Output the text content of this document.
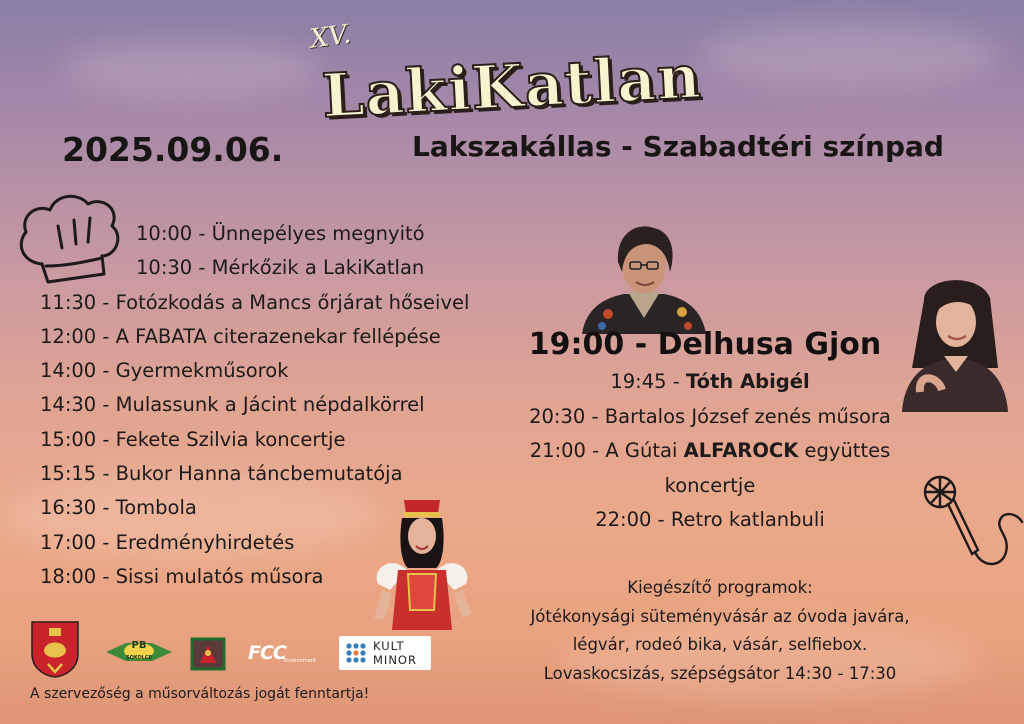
XV.
LakiKatlan
2025.09.06.	Lakszakállas - Szabadtéri színpad
10:00 - Ünnepélyes megnyitó
10:30 - Mérkőzik a LakiKatlan
11:30 - Fotózkodás a Mancs őrjárat hőseivel
12:00 - A FABATA citerazenekar fellépése
14:00 - Gyermekműsorok
14:30 - Mulassunk a Jácint népdalkörrel
15:00 - Fekete Szilvia koncertje
15:15 - Bukor Hanna táncbemutatója
16:30 - Tombola
17:00 - Eredményhirdetés
18:00 - Sissi mulatós műsora
19:00 - Delhusa Gjon
19:45 - Tóth Abigél
20:30 - Bartalos József zenés műsora
21:00 - A Gútai ALFAROCK együttes
koncertje
22:00 - Retro katlanbuli
PB
SOKOLCE	FCC
Environment
KULT
MINOR
Kiegészítő programok:
Jótékonysági süteményvásár az óvoda javára,
légvár, rodeó bika, vásár, selfiebox.
Lovaskocsizás, szépségsátor 14:30 - 17:30
A szervezőség a műsorváltozás jogát fenntartja!
